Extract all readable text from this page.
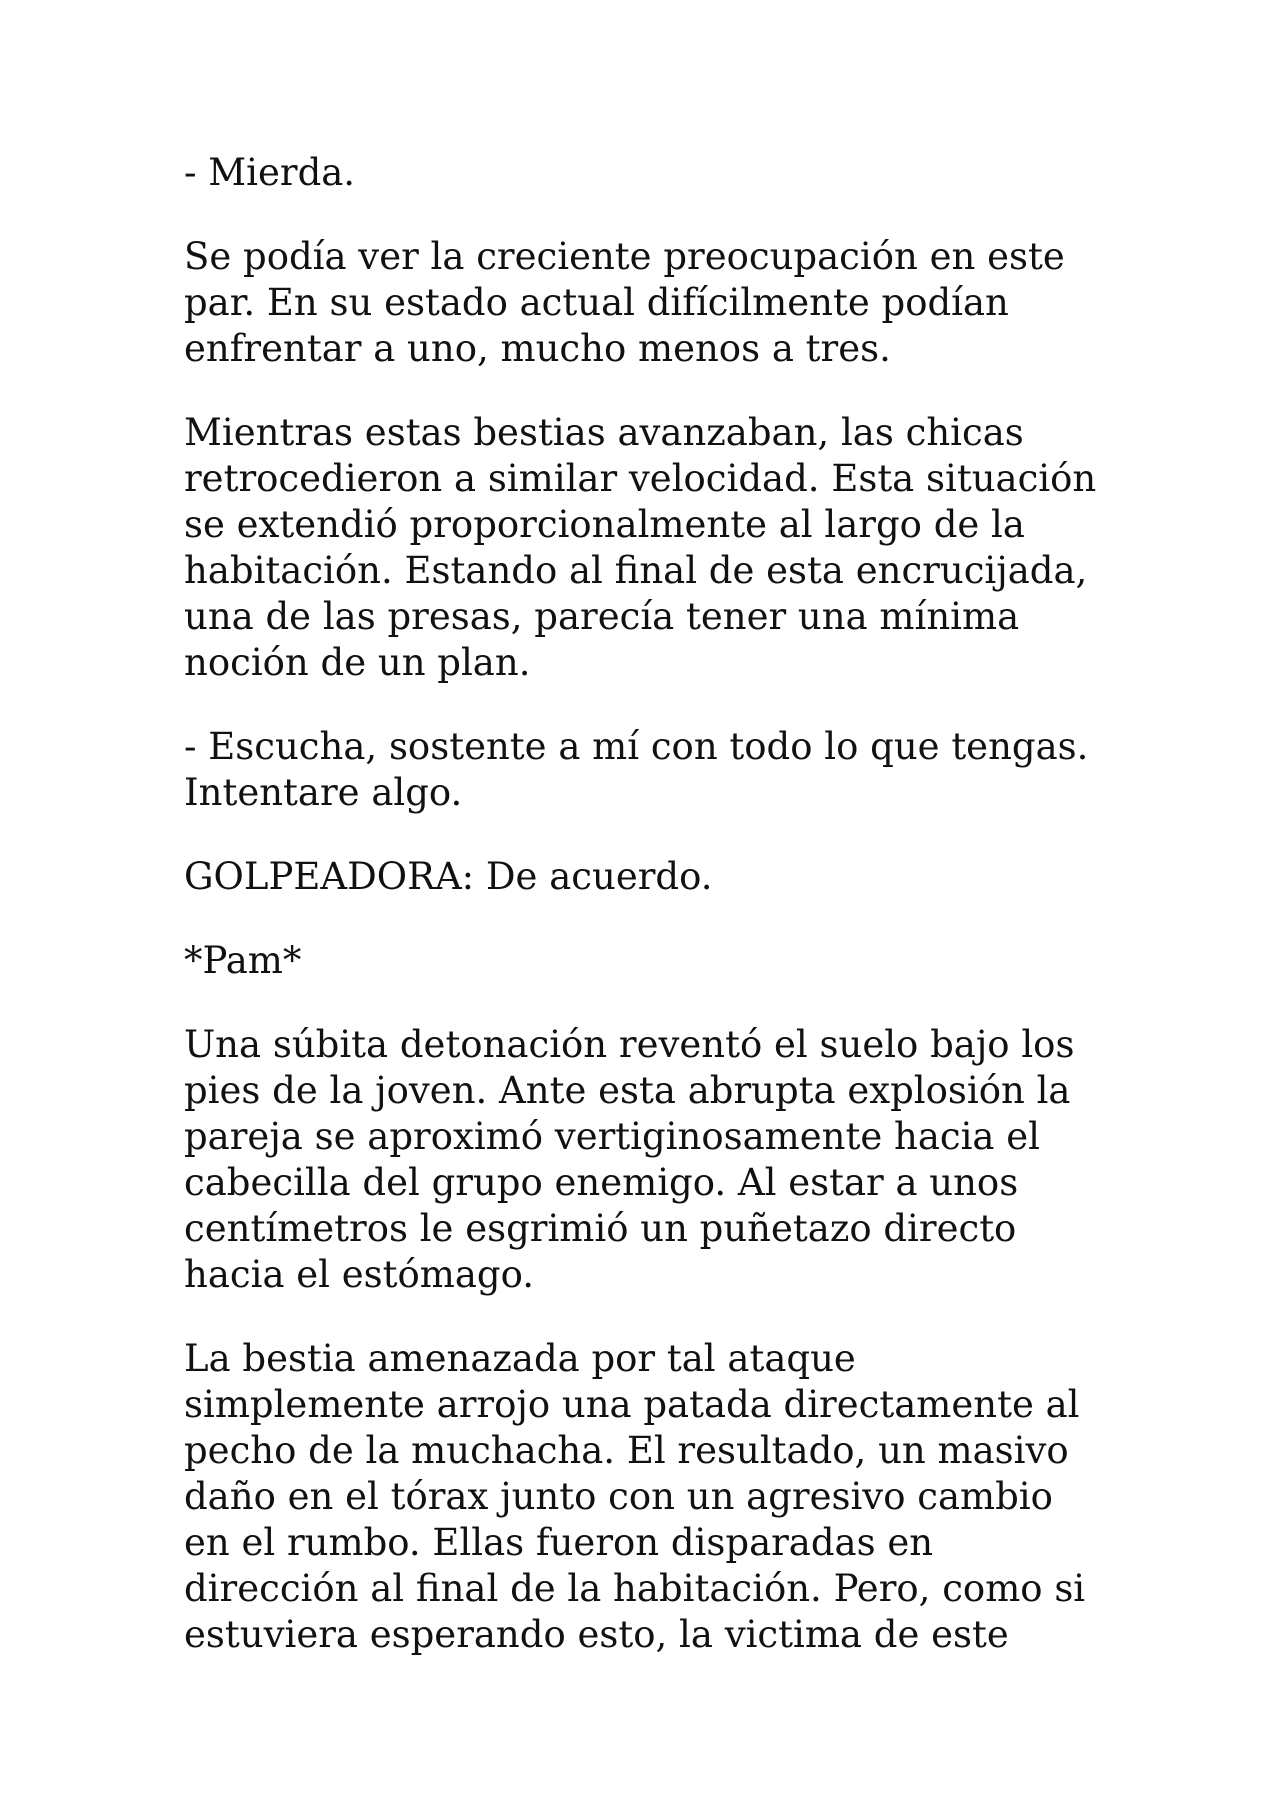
- Mierda.

Se podía ver la creciente preocupación en este
par. En su estado actual difícilmente podían
enfrentar a uno, mucho menos a tres.

Mientras estas bestias avanzaban, las chicas
retrocedieron a similar velocidad. Esta situación
se extendió proporcionalmente al largo de la
habitación. Estando al final de esta encrucijada,
una de las presas, parecía tener una mínima
noción de un plan.

- Escucha, sostente a mí con todo lo que tengas.
Intentare algo.

GOLPEADORA: De acuerdo.

*Pam*

Una súbita detonación reventó el suelo bajo los
pies de la joven. Ante esta abrupta explosión la
pareja se aproximó vertiginosamente hacia el
cabecilla del grupo enemigo. Al estar a unos
centímetros le esgrimió un puñetazo directo
hacia el estómago.

La bestia amenazada por tal ataque
simplemente arrojo una patada directamente al
pecho de la muchacha. El resultado, un masivo
daño en el tórax junto con un agresivo cambio
en el rumbo. Ellas fueron disparadas en
dirección al final de la habitación. Pero, como si
estuviera esperando esto, la victima de este
